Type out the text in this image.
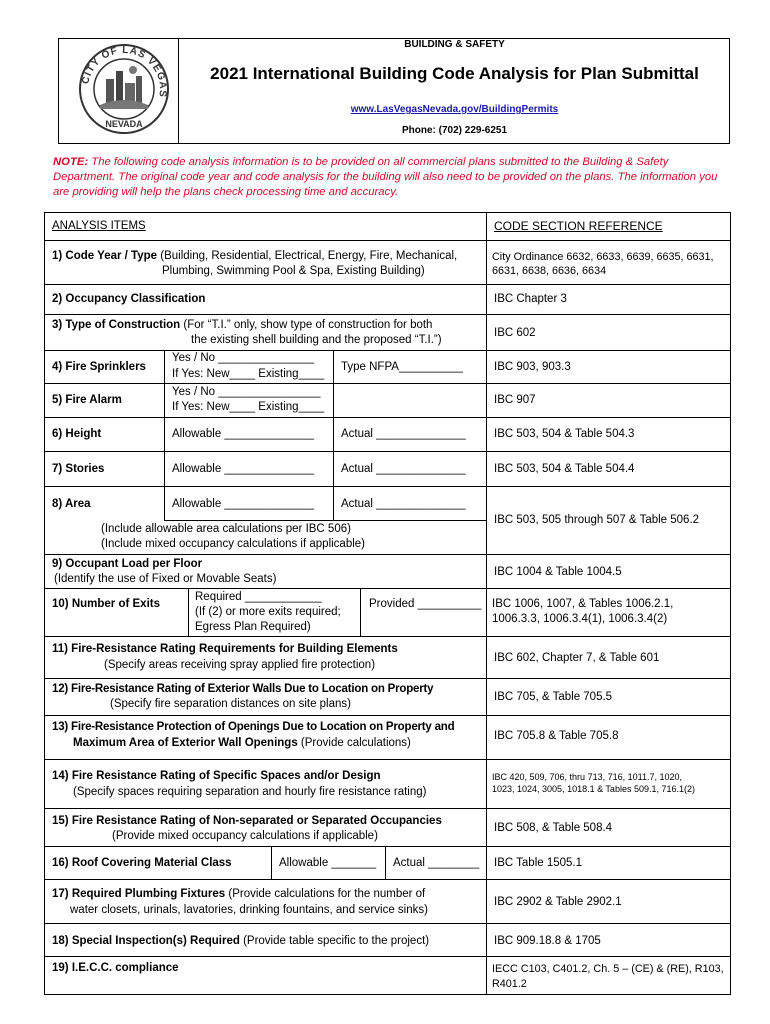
CITY OF LAS VEGAS
NEVADA
BUILDING & SAFETY
2021 International Building Code Analysis for Plan Submittal
www.LasVegasNevada.gov/BuildingPermits
Phone: (702) 229-6251
NOTE: The following code analysis information is to be provided on all commercial plans submitted to the Building & Safety
Department. The original code year and code analysis for the building will also need to be provided on the plans. The information you
are providing will help the plans check processing time and accuracy.
ANALYSIS ITEMS	CODE SECTION REFERENCE
1) Code Year / Type (Building, Residential, Electrical, Energy, Fire, Mechanical,
Plumbing, Swimming Pool & Spa, Existing Building)
City Ordinance 6632, 6633, 6639, 6635, 6631,
6631, 6638, 6636, 6634
2) Occupancy Classification	IBC Chapter 3
3) Type of Construction (For “T.I.” only, show type of construction for both
the existing shell building and the proposed “T.I.”)
IBC 602
4) Fire Sprinklers
Yes / No _______________
If Yes: New____ Existing____
Type NFPA__________	IBC 903, 903.3
5) Fire Alarm
Yes / No ________________
If Yes: New____ Existing____
IBC 907
6) Height	Allowable ______________ Actual ______________ IBC 503, 504 & Table 504.3
7) Stories	Allowable ______________ Actual ______________ IBC 503, 504 & Table 504.4
8) Area	Allowable ______________ Actual ______________
(Include allowable area calculations per IBC 506)
(Include mixed occupancy calculations if applicable)
IBC 503, 505 through 507 & Table 506.2
9) Occupant Load per Floor
(Identify the use of Fixed or Movable Seats)
IBC 1004 & Table 1004.5
10) Number of Exits
Required ____________
(If (2) or more exits required;
Egress Plan Required)
Provided __________ IBC 1006, 1007, & Tables 1006.2.1,
1006.3.3, 1006.3.4(1), 1006.3.4(2)
11) Fire-Resistance Rating Requirements for Building Elements
(Specify areas receiving spray applied fire protection)
IBC 602, Chapter 7, & Table 601
12) Fire-Resistance Rating of Exterior Walls Due to Location on Property
(Specify fire separation distances on site plans)
IBC 705, & Table 705.5
13) Fire-Resistance Protection of Openings Due to Location on Property and
Maximum Area of Exterior Wall Openings (Provide calculations)
IBC 705.8 & Table 705.8
14) Fire Resistance Rating of Specific Spaces and/or Design
(Specify spaces requiring separation and hourly fire resistance rating)
IBC 420, 509, 706, thru 713, 716, 1011.7, 1020,
1023, 1024, 3005, 1018.1 & Tables 509.1, 716.1(2)
15) Fire Resistance Rating of Non-separated or Separated Occupancies
(Provide mixed occupancy calculations if applicable)
IBC 508, & Table 508.4
16) Roof Covering Material Class	Allowable _______ Actual ________ IBC Table 1505.1
17) Required Plumbing Fixtures (Provide calculations for the number of
water closets, urinals, lavatories, drinking fountains, and service sinks)
IBC 2902 & Table 2902.1
18) Special Inspection(s) Required (Provide table specific to the project)	IBC 909.18.8 & 1705
19) I.E.C.C. compliance	IECC C103, C401.2, Ch. 5 – (CE) & (RE), R103,
R401.2
